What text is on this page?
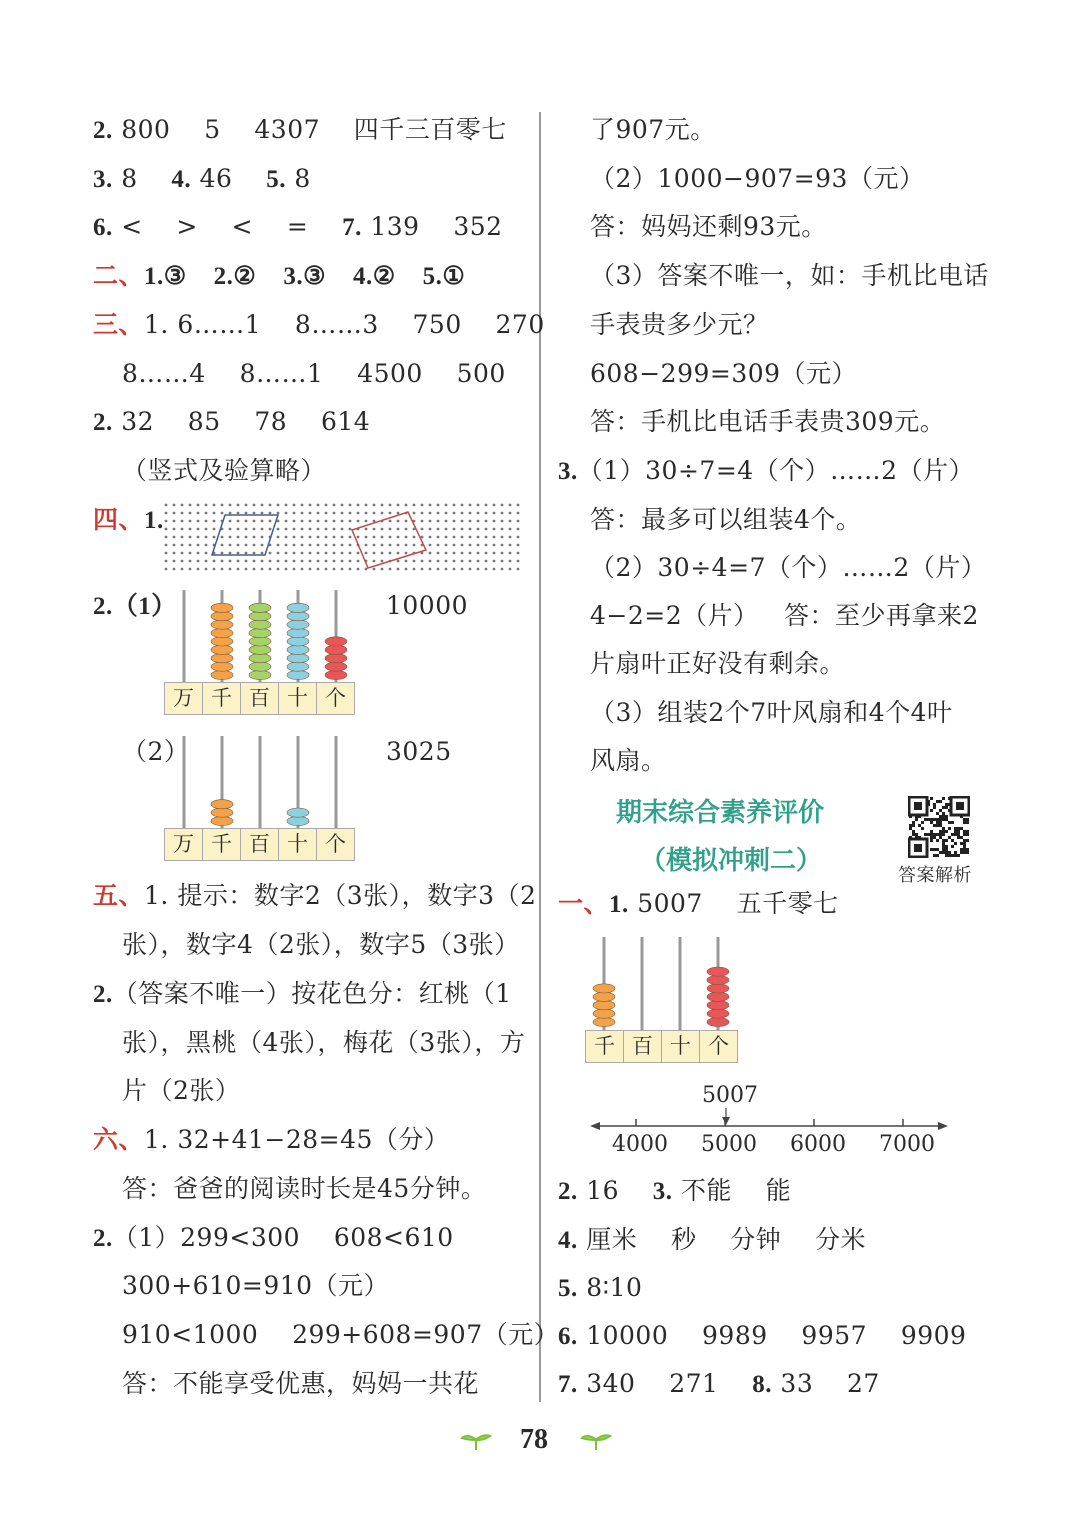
2. 800    5    4307    四千三百零七
3. 8    4. 46    5. 8
6. <    >    <    =    7. 139    352
二、1.③    2.②    3.③    4.②    5.①
三、1. 6……1    8……3    750    270
8……4    8……1    4500    500
2. 32    85    78    614
（竖式及验算略）
四、1.
2.（1）
万 千 百 十 个
10000
（2）
万 千 百 十 个
3025
五、1. 提示：数字2（3张），数字3（2
张），数字4（2张），数字5（3张）
2.（答案不唯一）按花色分：红桃（1
张），黑桃（4张），梅花（3张），方
片（2张）
六、1. 32+41−28=45（分）
答：爸爸的阅读时长是45分钟。
2.（1）299<300    608<610
300+610=910（元）
910<1000    299+608=907（元）
答：不能享受优惠，妈妈一共花
了907元。
（2）1000−907=93（元）
答：妈妈还剩93元。
（3）答案不唯一，如：手机比电话
手表贵多少元？
608−299=309（元）
答：手机比电话手表贵309元。
3.（1）30÷7=4（个）……2（片）
答：最多可以组装4个。
（2）30÷4=7（个）……2（片）
4−2=2（片）   答：至少再拿来2
片扇叶正好没有剩余。
（3）组装2个7叶风扇和4个4叶
风扇。
期末综合素养评价
（模拟冲刺二）	答案解析
一、1. 5007    五千零七
千 百 十 个
5007
4000 5000 6000 7000
2. 16    3. 不能    能
4. 厘米    秒    分钟    分米
5. 8∶10
6. 10000    9989    9957    9909
7. 340    271    8. 33    27
78
